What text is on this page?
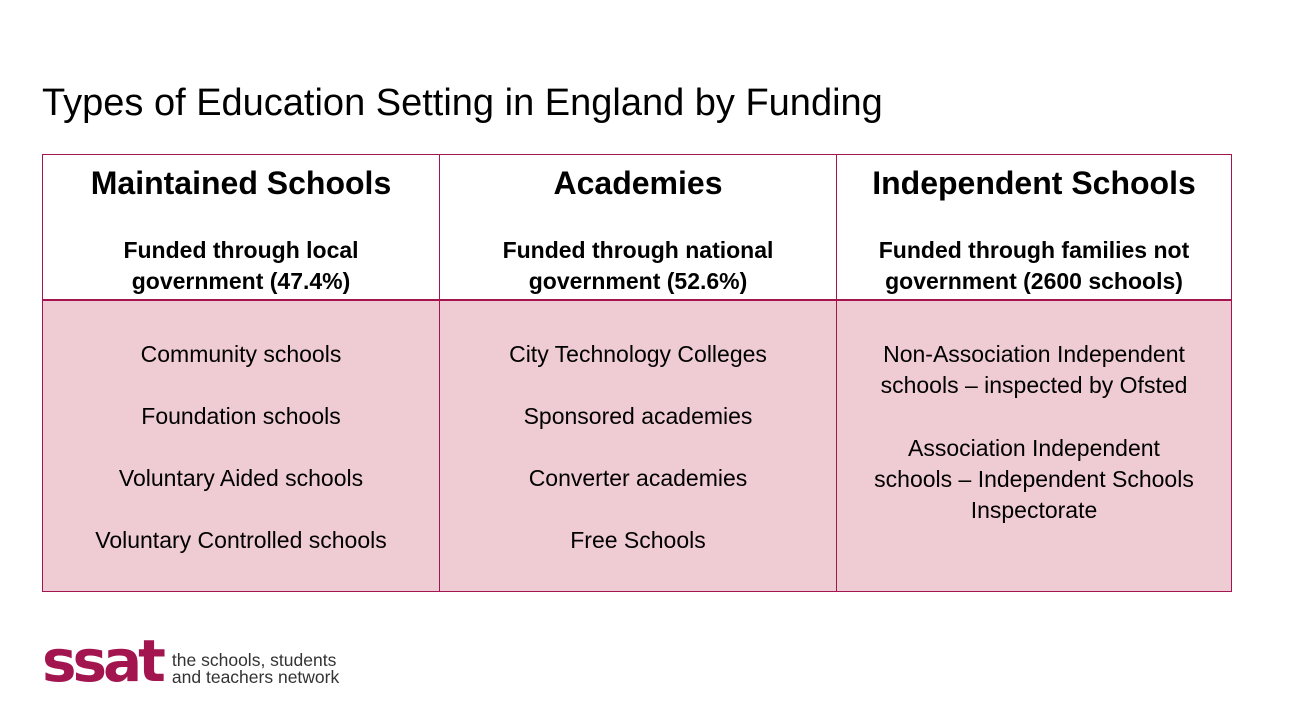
Types of Education Setting in England by Funding
Maintained Schools
Funded through local
government (47.4%)
Academies
Funded through national
government (52.6%)
Independent Schools
Funded through families not
government (2600 schools)
Community schools
Foundation schools
Voluntary Aided schools
Voluntary Controlled schools
City Technology Colleges
Sponsored academies
Converter academies
Free Schools
Non-Association Independent
schools – inspected by Ofsted
Association Independent
schools – Independent Schools
Inspectorate
ssat the schools, students
and teachers network
